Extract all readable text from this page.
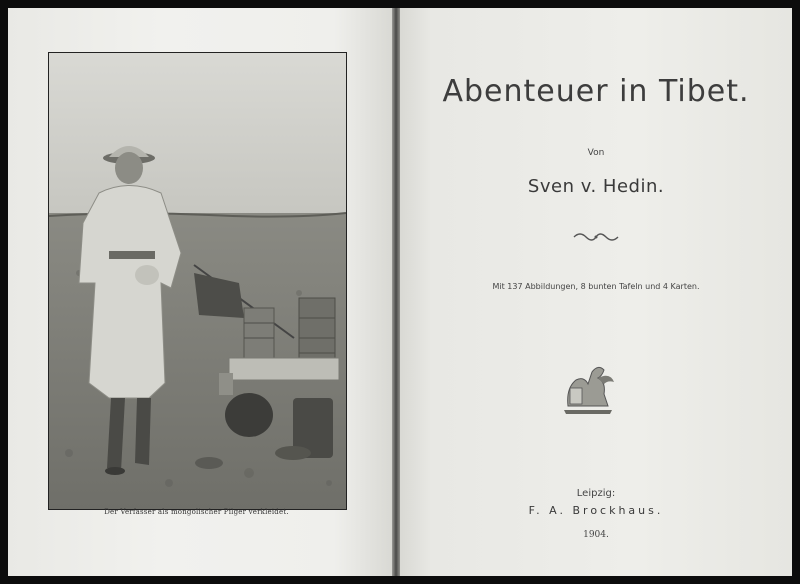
Der Verfasser als mongolischer Pilger verkleidet.
Abenteuer in Tibet.
Von
Sven v. Hedin.
Mit 137 Abbildungen, 8 bunten Tafeln und 4 Karten.
Leipzig:
F. A. Brockhaus.
1904.
